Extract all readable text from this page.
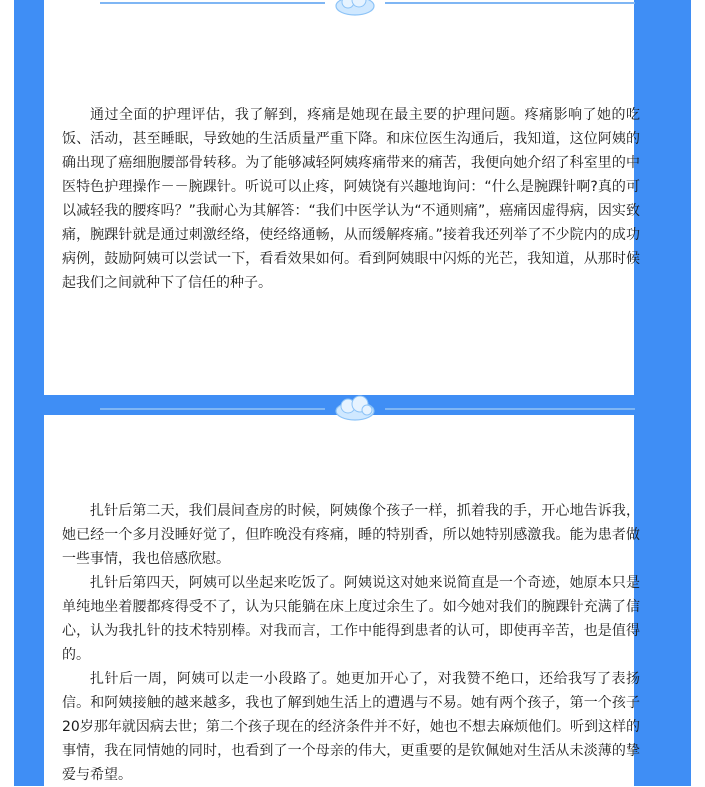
通过全面的护理评估，我了解到，疼痛是她现在最主要的护理问题。疼痛影响了她的吃饭、活动，甚至睡眠，导致她的生活质量严重下降。和床位医生沟通后，我知道，这位阿姨的确出现了癌细胞腰部骨转移。为了能够减轻阿姨疼痛带来的痛苦，我便向她介绍了科室里的中医特色护理操作－－腕踝针。听说可以止疼，阿姨饶有兴趣地询问：“什么是腕踝针啊?真的可以减轻我的腰疼吗？”我耐心为其解答：“我们中医学认为“不通则痛”，癌痛因虚得病，因实致痛，腕踝针就是通过刺激经络，使经络通畅，从而缓解疼痛。”接着我还列举了不少院内的成功病例，鼓励阿姨可以尝试一下，看看效果如何。看到阿姨眼中闪烁的光芒，我知道，从那时候起我们之间就种下了信任的种子。

扎针后第二天，我们晨间查房的时候，阿姨像个孩子一样，抓着我的手，开心地告诉我，她已经一个多月没睡好觉了，但昨晚没有疼痛，睡的特别香，所以她特别感激我。能为患者做一些事情，我也倍感欣慰。

扎针后第四天，阿姨可以坐起来吃饭了。阿姨说这对她来说简直是一个奇迹，她原本只是单纯地坐着腰都疼得受不了，认为只能躺在床上度过余生了。如今她对我们的腕踝针充满了信心，认为我扎针的技术特别棒。对我而言，工作中能得到患者的认可，即使再辛苦，也是值得的。

扎针后一周，阿姨可以走一小段路了。她更加开心了，对我赞不绝口，还给我写了表扬信。和阿姨接触的越来越多，我也了解到她生活上的遭遇与不易。她有两个孩子，第一个孩子20岁那年就因病去世；第二个孩子现在的经济条件并不好，她也不想去麻烦他们。听到这样的事情，我在同情她的同时，也看到了一个母亲的伟大，更重要的是钦佩她对生活从未淡薄的挚爱与希望。
